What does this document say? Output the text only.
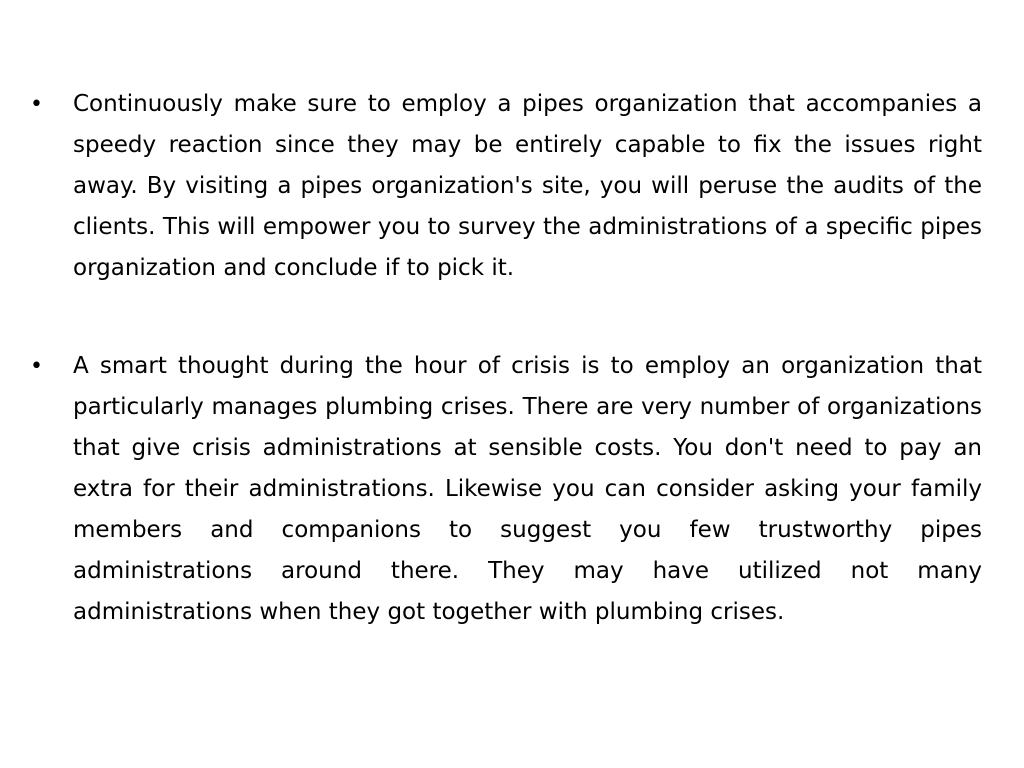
• Continuously make sure to employ a pipes organization that accompanies a speedy reaction since they may be entirely capable to fix the issues right away. By visiting a pipes organization's site, you will peruse the audits of the clients. This will empower you to survey the administrations of a specific pipes organization and conclude if to pick it.
• A smart thought during the hour of crisis is to employ an organization that particularly manages plumbing crises. There are very number of organizations that give crisis administrations at sensible costs. You don't need to pay an extra for their administrations. Likewise you can consider asking your family members and companions to suggest you few trustworthy pipes administrations around there. They may have utilized not many administrations when they got together with plumbing crises.
